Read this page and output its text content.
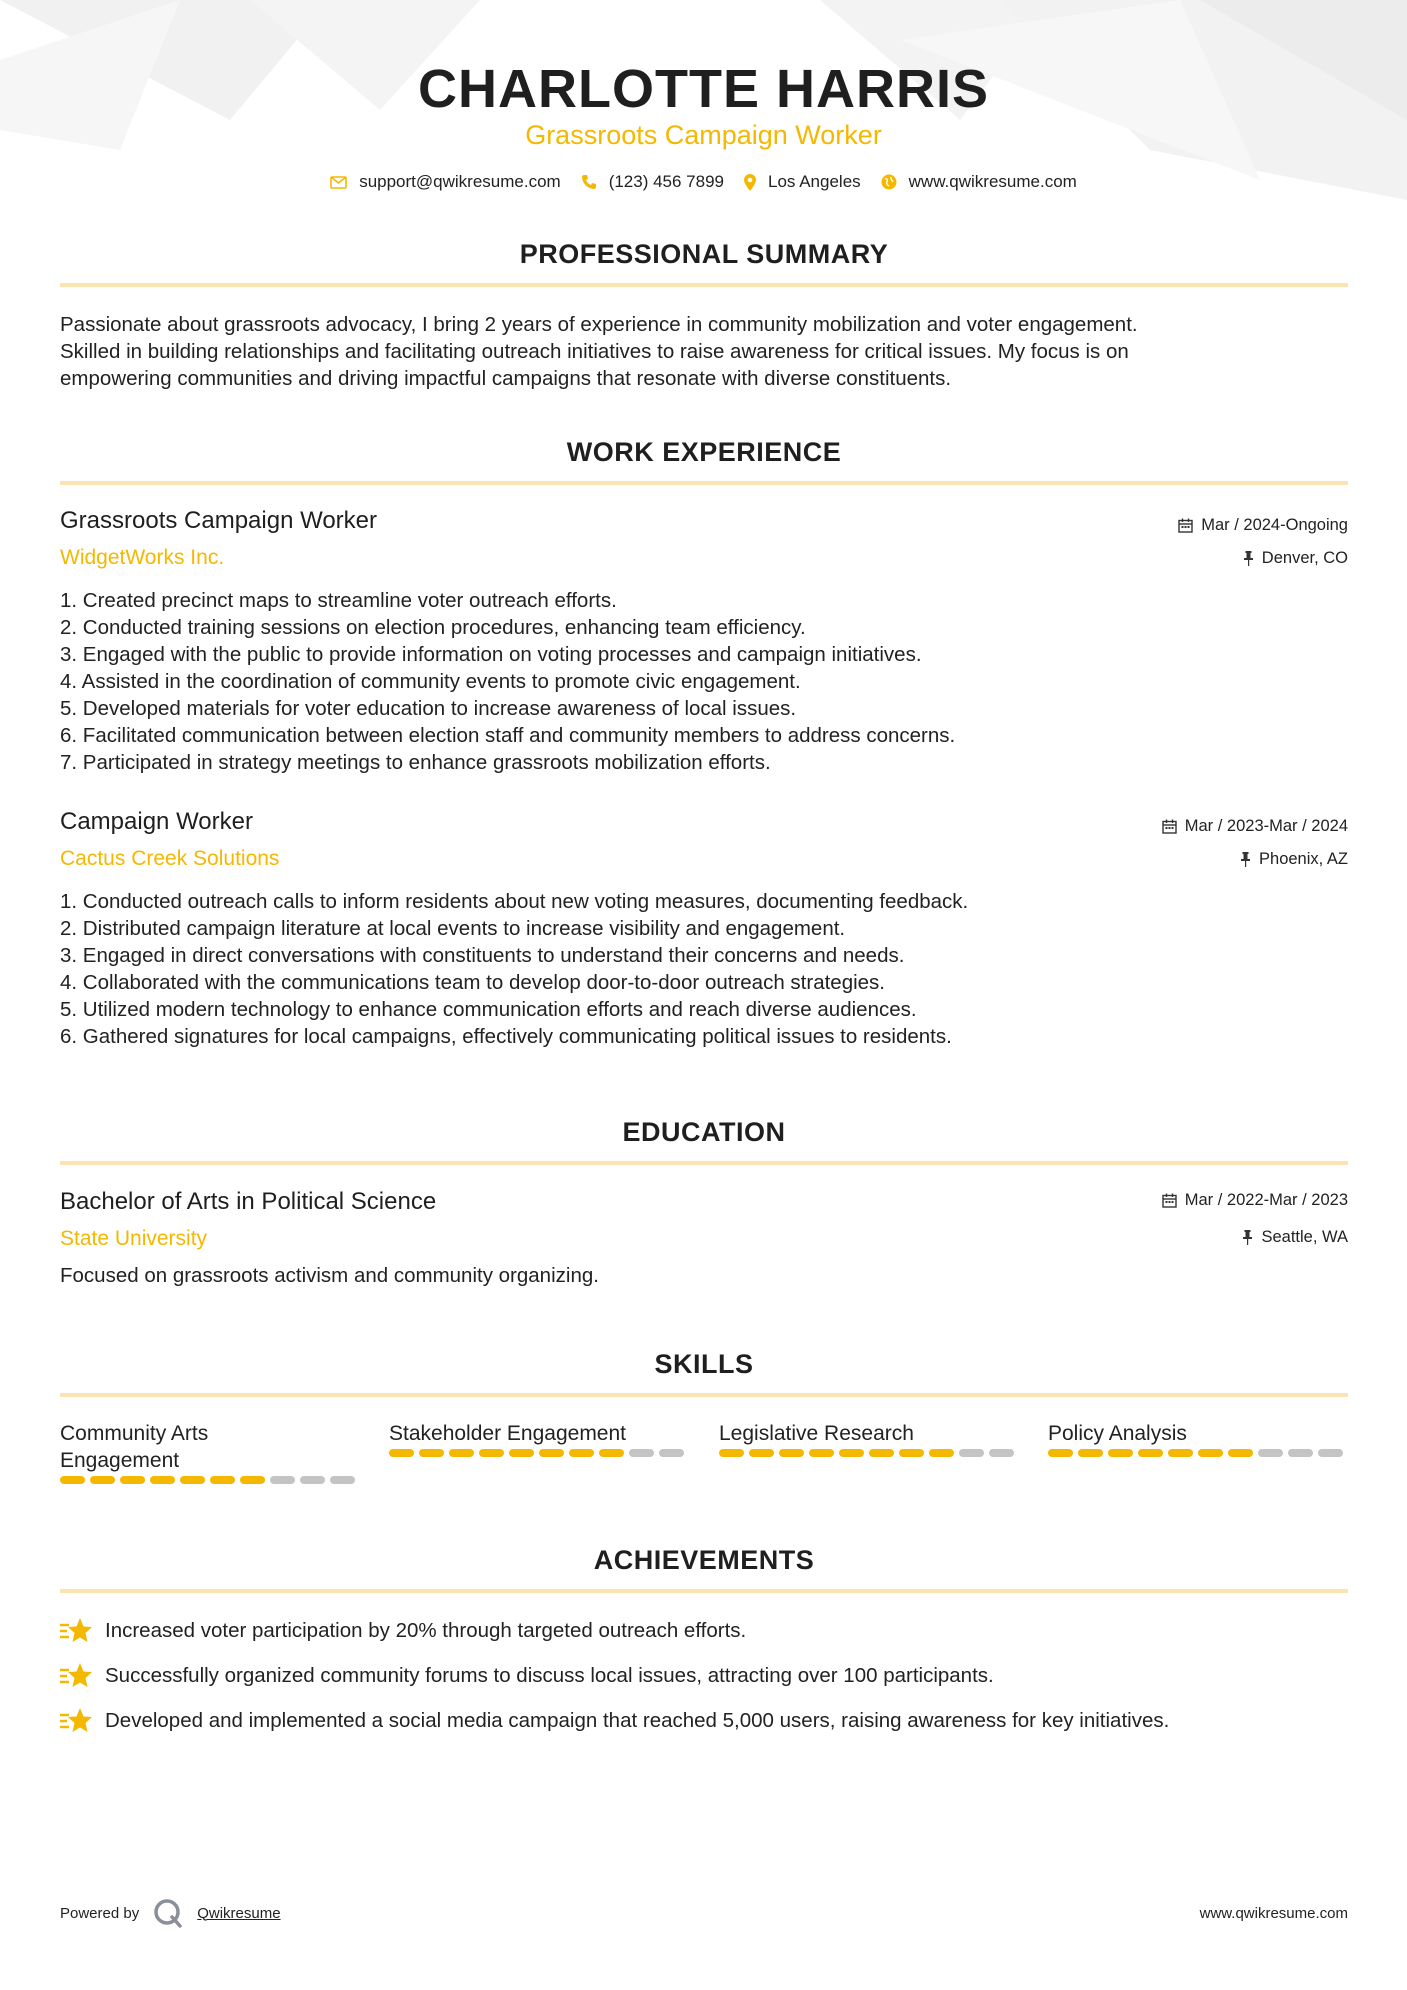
CHARLOTTE HARRIS
Grassroots Campaign Worker
support@qwikresume.com	(123) 456 7899	Los Angeles	www.qwikresume.com
PROFESSIONAL SUMMARY
Passionate about grassroots advocacy, I bring 2 years of experience in community mobilization and voter engagement.
Skilled in building relationships and facilitating outreach initiatives to raise awareness for critical issues. My focus is on
empowering communities and driving impactful campaigns that resonate with diverse constituents.
WORK EXPERIENCE
Grassroots Campaign Worker
WidgetWorks Inc.
Mar / 2024-Ongoing
Denver, CO
1. Created precinct maps to streamline voter outreach efforts.
2. Conducted training sessions on election procedures, enhancing team efficiency.
3. Engaged with the public to provide information on voting processes and campaign initiatives.
4. Assisted in the coordination of community events to promote civic engagement.
5. Developed materials for voter education to increase awareness of local issues.
6. Facilitated communication between election staff and community members to address concerns.
7. Participated in strategy meetings to enhance grassroots mobilization efforts.
Campaign Worker
Cactus Creek Solutions
Mar / 2023-Mar / 2024
Phoenix, AZ
1. Conducted outreach calls to inform residents about new voting measures, documenting feedback.
2. Distributed campaign literature at local events to increase visibility and engagement.
3. Engaged in direct conversations with constituents to understand their concerns and needs.
4. Collaborated with the communications team to develop door-to-door outreach strategies.
5. Utilized modern technology to enhance communication efforts and reach diverse audiences.
6. Gathered signatures for local campaigns, effectively communicating political issues to residents.
EDUCATION
Bachelor of Arts in Political Science
State University
Mar / 2022-Mar / 2023
Seattle, WA
Focused on grassroots activism and community organizing.
SKILLS
Community Arts
Engagement
Stakeholder Engagement	Legislative Research	Policy Analysis
ACHIEVEMENTS
Increased voter participation by 20% through targeted outreach efforts.
Successfully organized community forums to discuss local issues, attracting over 100 participants.
Developed and implemented a social media campaign that reached 5,000 users, raising awareness for key initiatives.
Powered by	Qwikresume	www.qwikresume.com
